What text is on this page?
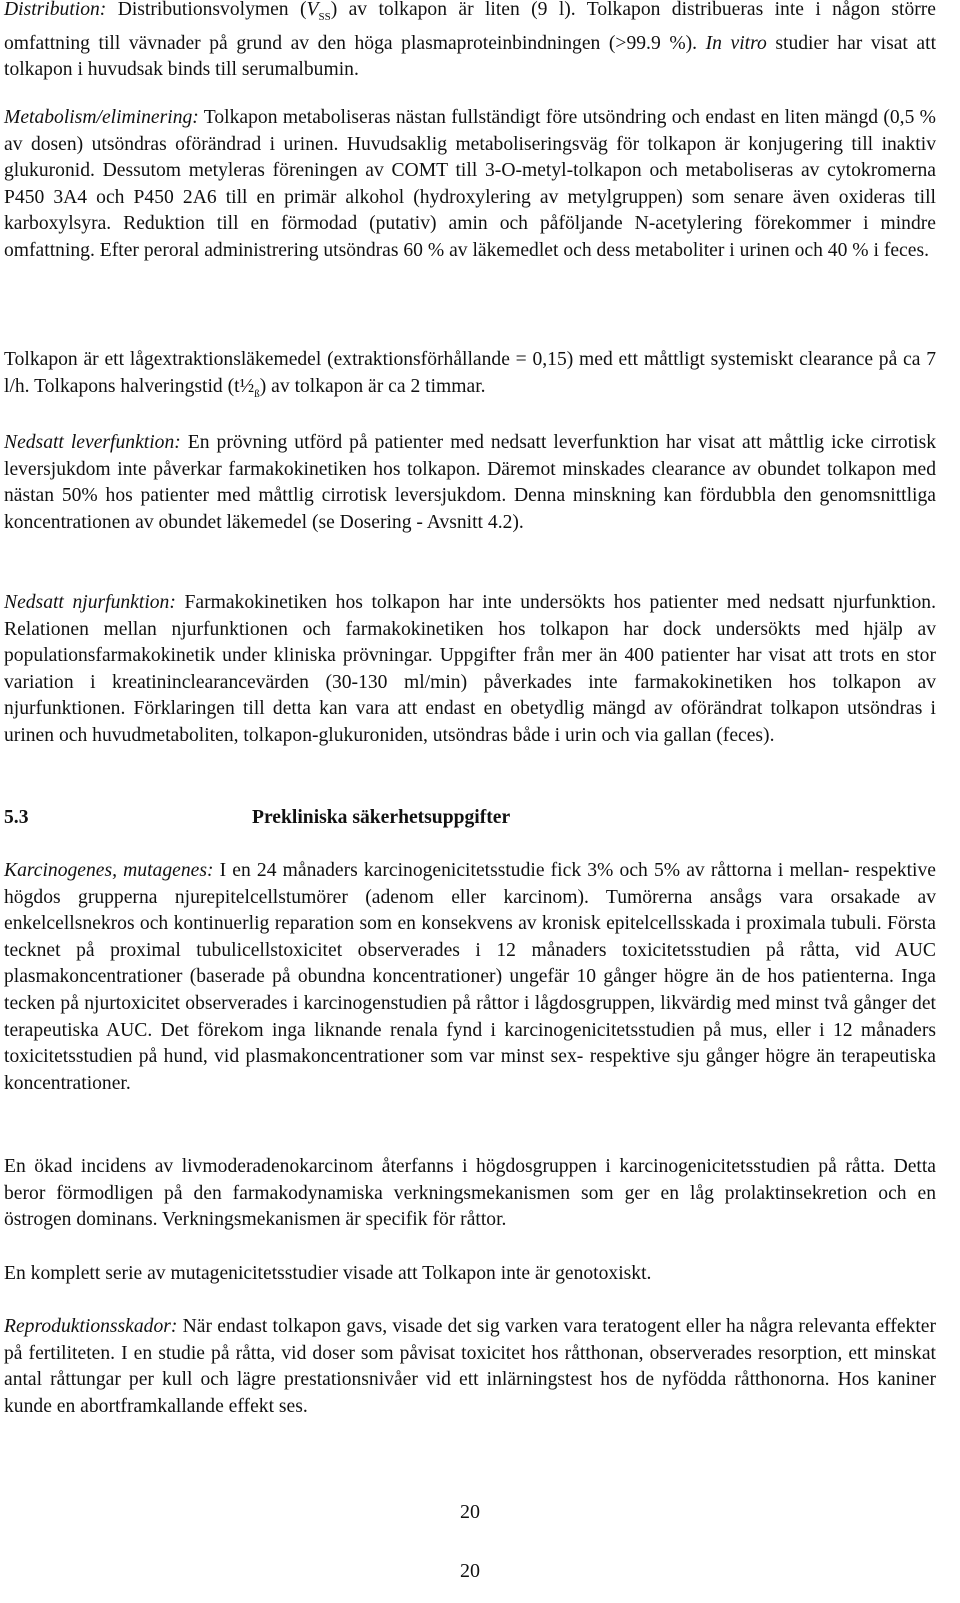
Distribution: Distributionsvolymen $(V_{SS})$ av tolkapon är liten (9 l). Tolkapon distribueras inte i någon större omfattning till vävnader på grund av den höga plasmaproteinbindningen (>99.9 %). In vitro studier har visat att tolkapon i huvudsak binds till serumalbumin.

Metabolism/eliminering: Tolkapon metaboliseras nästan fullständigt före utsöndring och endast en liten mängd (0,5 % av dosen) utsöndras oförändrad i urinen. Huvudsaklig metaboliseringsväg för tolkapon är konjugering till inaktiv glukuronid. Dessutom metyleras föreningen av COMT till 3-O-metyl-tolkapon och metaboliseras av cytokromerna P450 3A4 och P450 2A6 till en primär alkohol (hydroxylering av metylgruppen) som senare även oxideras till karboxylsyra. Reduktion till en förmodad (putativ) amin och påföljande N-acetylering förekommer i mindre omfattning. Efter peroral administrering utsöndras 60 % av läkemedlet och dess metaboliter i urinen och 40 % i feces.

Tolkapon är ett lågextraktionsläkemedel (extraktionsförhållande = 0,15) med ett måttligt systemiskt clearance på ca 7 l/h. Tolkapons halveringstid $(t\frac{1}{2}_ß)$ av tolkapon är ca 2 timmar.

Nedsatt leverfunktion: En prövning utförd på patienter med nedsatt leverfunktion har visat att måttlig icke cirrotisk leversjukdom inte påverkar farmakokinetiken hos tolkapon. Däremot minskades clearance av obundet tolkapon med nästan 50% hos patienter med måttlig cirrotisk leversjukdom. Denna minskning kan fördubbla den genomsnittliga koncentrationen av obundet läkemedel (se Dosering - Avsnitt 4.2).

Nedsatt njurfunktion: Farmakokinetiken hos tolkapon har inte undersökts hos patienter med nedsatt njurfunktion. Relationen mellan njurfunktionen och farmakokinetiken hos tolkapon har dock undersökts med hjälp av populationsfarmakokinetik under kliniska prövningar. Uppgifter från mer än 400 patienter har visat att trots en stor variation i kreatininclearancevärden (30-130 ml/min) påverkades inte farmakokinetiken hos tolkapon av njurfunktionen. Förklaringen till detta kan vara att endast en obetydlig mängd av oförändrat tolkapon utsöndras i urinen och huvudmetaboliten, tolkapon-glukuroniden, utsöndras både i urin och via gallan (feces).

5.3	Prekliniska säkerhetsuppgifter

Karcinogenes, mutagenes: I en 24 månaders karcinogenicitetsstudie fick 3% och 5% av råttorna i mellan- respektive högdos grupperna njurepitelcellstumörer (adenom eller karcinom). Tumörerna ansågs vara orsakade av enkelcellsnekros och kontinuerlig reparation som en konsekvens av kronisk epitelcellsskada i proximala tubuli. Första tecknet på proximal tubulicellstoxicitet observerades i 12 månaders toxicitetsstudien på råtta, vid AUC plasmakoncentrationer (baserade på obundna koncentrationer) ungefär 10 gånger högre än de hos patienterna. Inga tecken på njurtoxicitet observerades i karcinogenstudien på råttor i lågdosgruppen, likvärdig med minst två gånger det terapeutiska AUC. Det förekom inga liknande renala fynd i karcinogenicitetsstudien på mus, eller i 12 månaders toxicitetsstudien på hund, vid plasmakoncentrationer som var minst sex- respektive sju gånger högre än terapeutiska koncentrationer.

En ökad incidens av livmoderadenokarcinom återfanns i högdosgruppen i karcinogenicitetsstudien på råtta. Detta beror förmodligen på den farmakodynamiska verkningsmekanismen som ger en låg prolaktinsekretion och en östrogen dominans. Verkningsmekanismen är specifik för råttor.

En komplett serie av mutagenicitetsstudier visade att Tolkapon inte är genotoxiskt.

Reproduktionsskador: När endast tolkapon gavs, visade det sig varken vara teratogent eller ha några relevanta effekter på fertiliteten. I en studie på råtta, vid doser som påvisat toxicitet hos råtthonan, observerades resorption, ett minskat antal råttungar per kull och lägre prestationsnivåer vid ett inlärningstest hos de nyfödda råtthonorna. Hos kaniner kunde en abortframkallande effekt ses.

20
20
